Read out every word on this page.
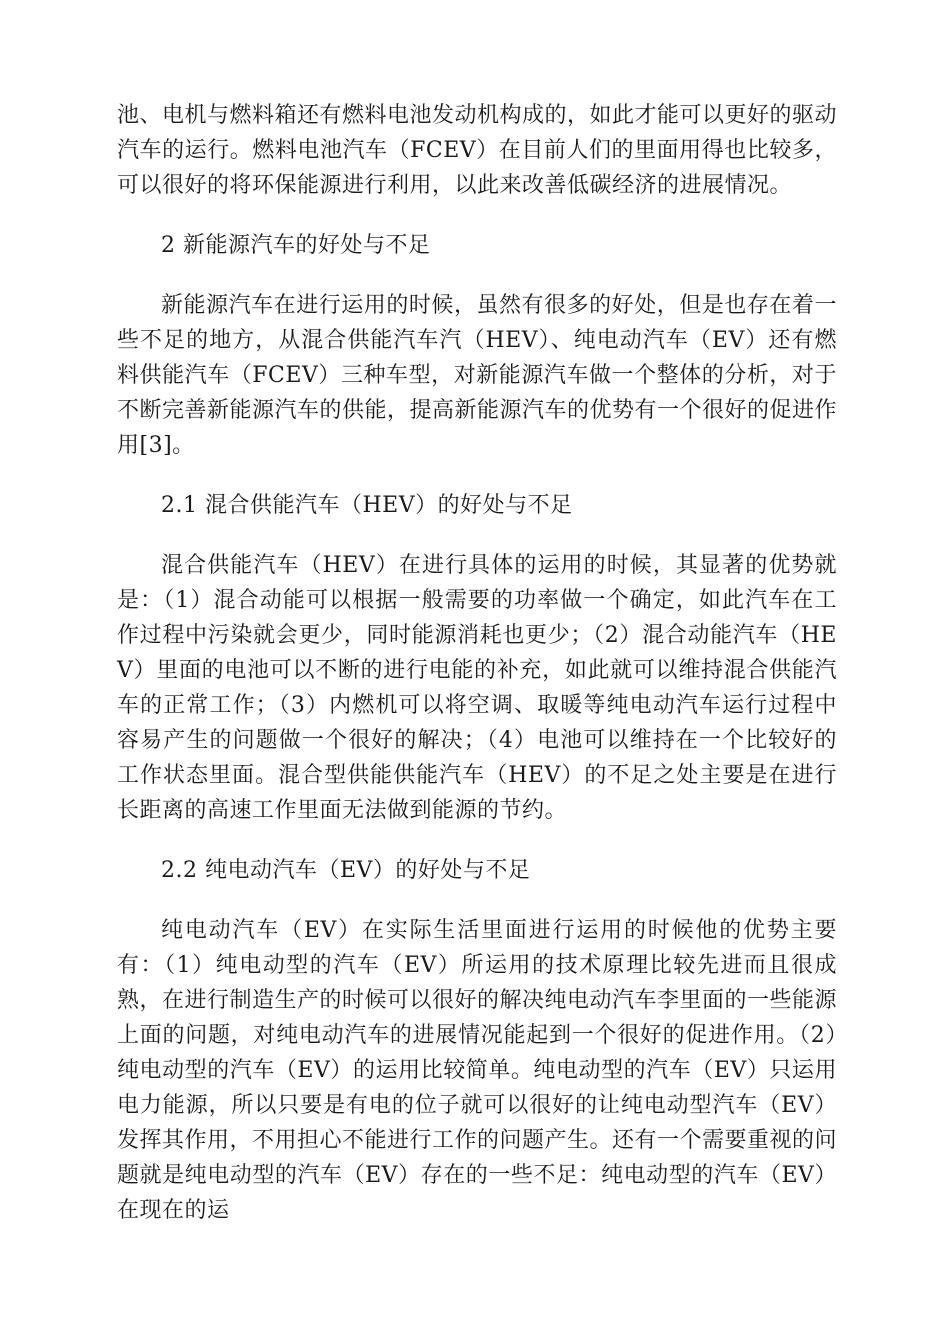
池、电机与燃料箱还有燃料电池发动机构成的，如此才能可以更好的驱动汽车的运行。燃料电池汽车（FCEV）在目前人们的里面用得也比较多，可以很好的将环保能源进行利用，以此来改善低碳经济的进展情况。

2 新能源汽车的好处与不足

新能源汽车在进行运用的时候，虽然有很多的好处，但是也存在着一些不足的地方，从混合供能汽车汽（HEV）、纯电动汽车（EV）还有燃料供能汽车（FCEV）三种车型，对新能源汽车做一个整体的分析，对于不断完善新能源汽车的供能，提高新能源汽车的优势有一个很好的促进作用[3]。

2.1 混合供能汽车（HEV）的好处与不足

混合供能汽车（HEV）在进行具体的运用的时候，其显著的优势就是：（1）混合动能可以根据一般需要的功率做一个确定，如此汽车在工作过程中污染就会更少，同时能源消耗也更少；（2）混合动能汽车（HEV）里面的电池可以不断的进行电能的补充，如此就可以维持混合供能汽车的正常工作；（3）内燃机可以将空调、取暖等纯电动汽车运行过程中容易产生的问题做一个很好的解决；（4）电池可以维持在一个比较好的工作状态里面。混合型供能供能汽车（HEV）的不足之处主要是在进行长距离的高速工作里面无法做到能源的节约。

2.2 纯电动汽车（EV）的好处与不足

纯电动汽车（EV）在实际生活里面进行运用的时候他的优势主要有：（1）纯电动型的汽车（EV）所运用的技术原理比较先进而且很成熟，在进行制造生产的时候可以很好的解决纯电动汽车李里面的一些能源上面的问题，对纯电动汽车的进展情况能起到一个很好的促进作用。（2）纯电动型的汽车（EV）的运用比较简单。纯电动型的汽车（EV）只运用电力能源，所以只要是有电的位子就可以很好的让纯电动型汽车（EV）发挥其作用，不用担心不能进行工作的问题产生。还有一个需要重视的问题就是纯电动型的汽车（EV）存在的一些不足：纯电动型的汽车（EV）在现在的运
